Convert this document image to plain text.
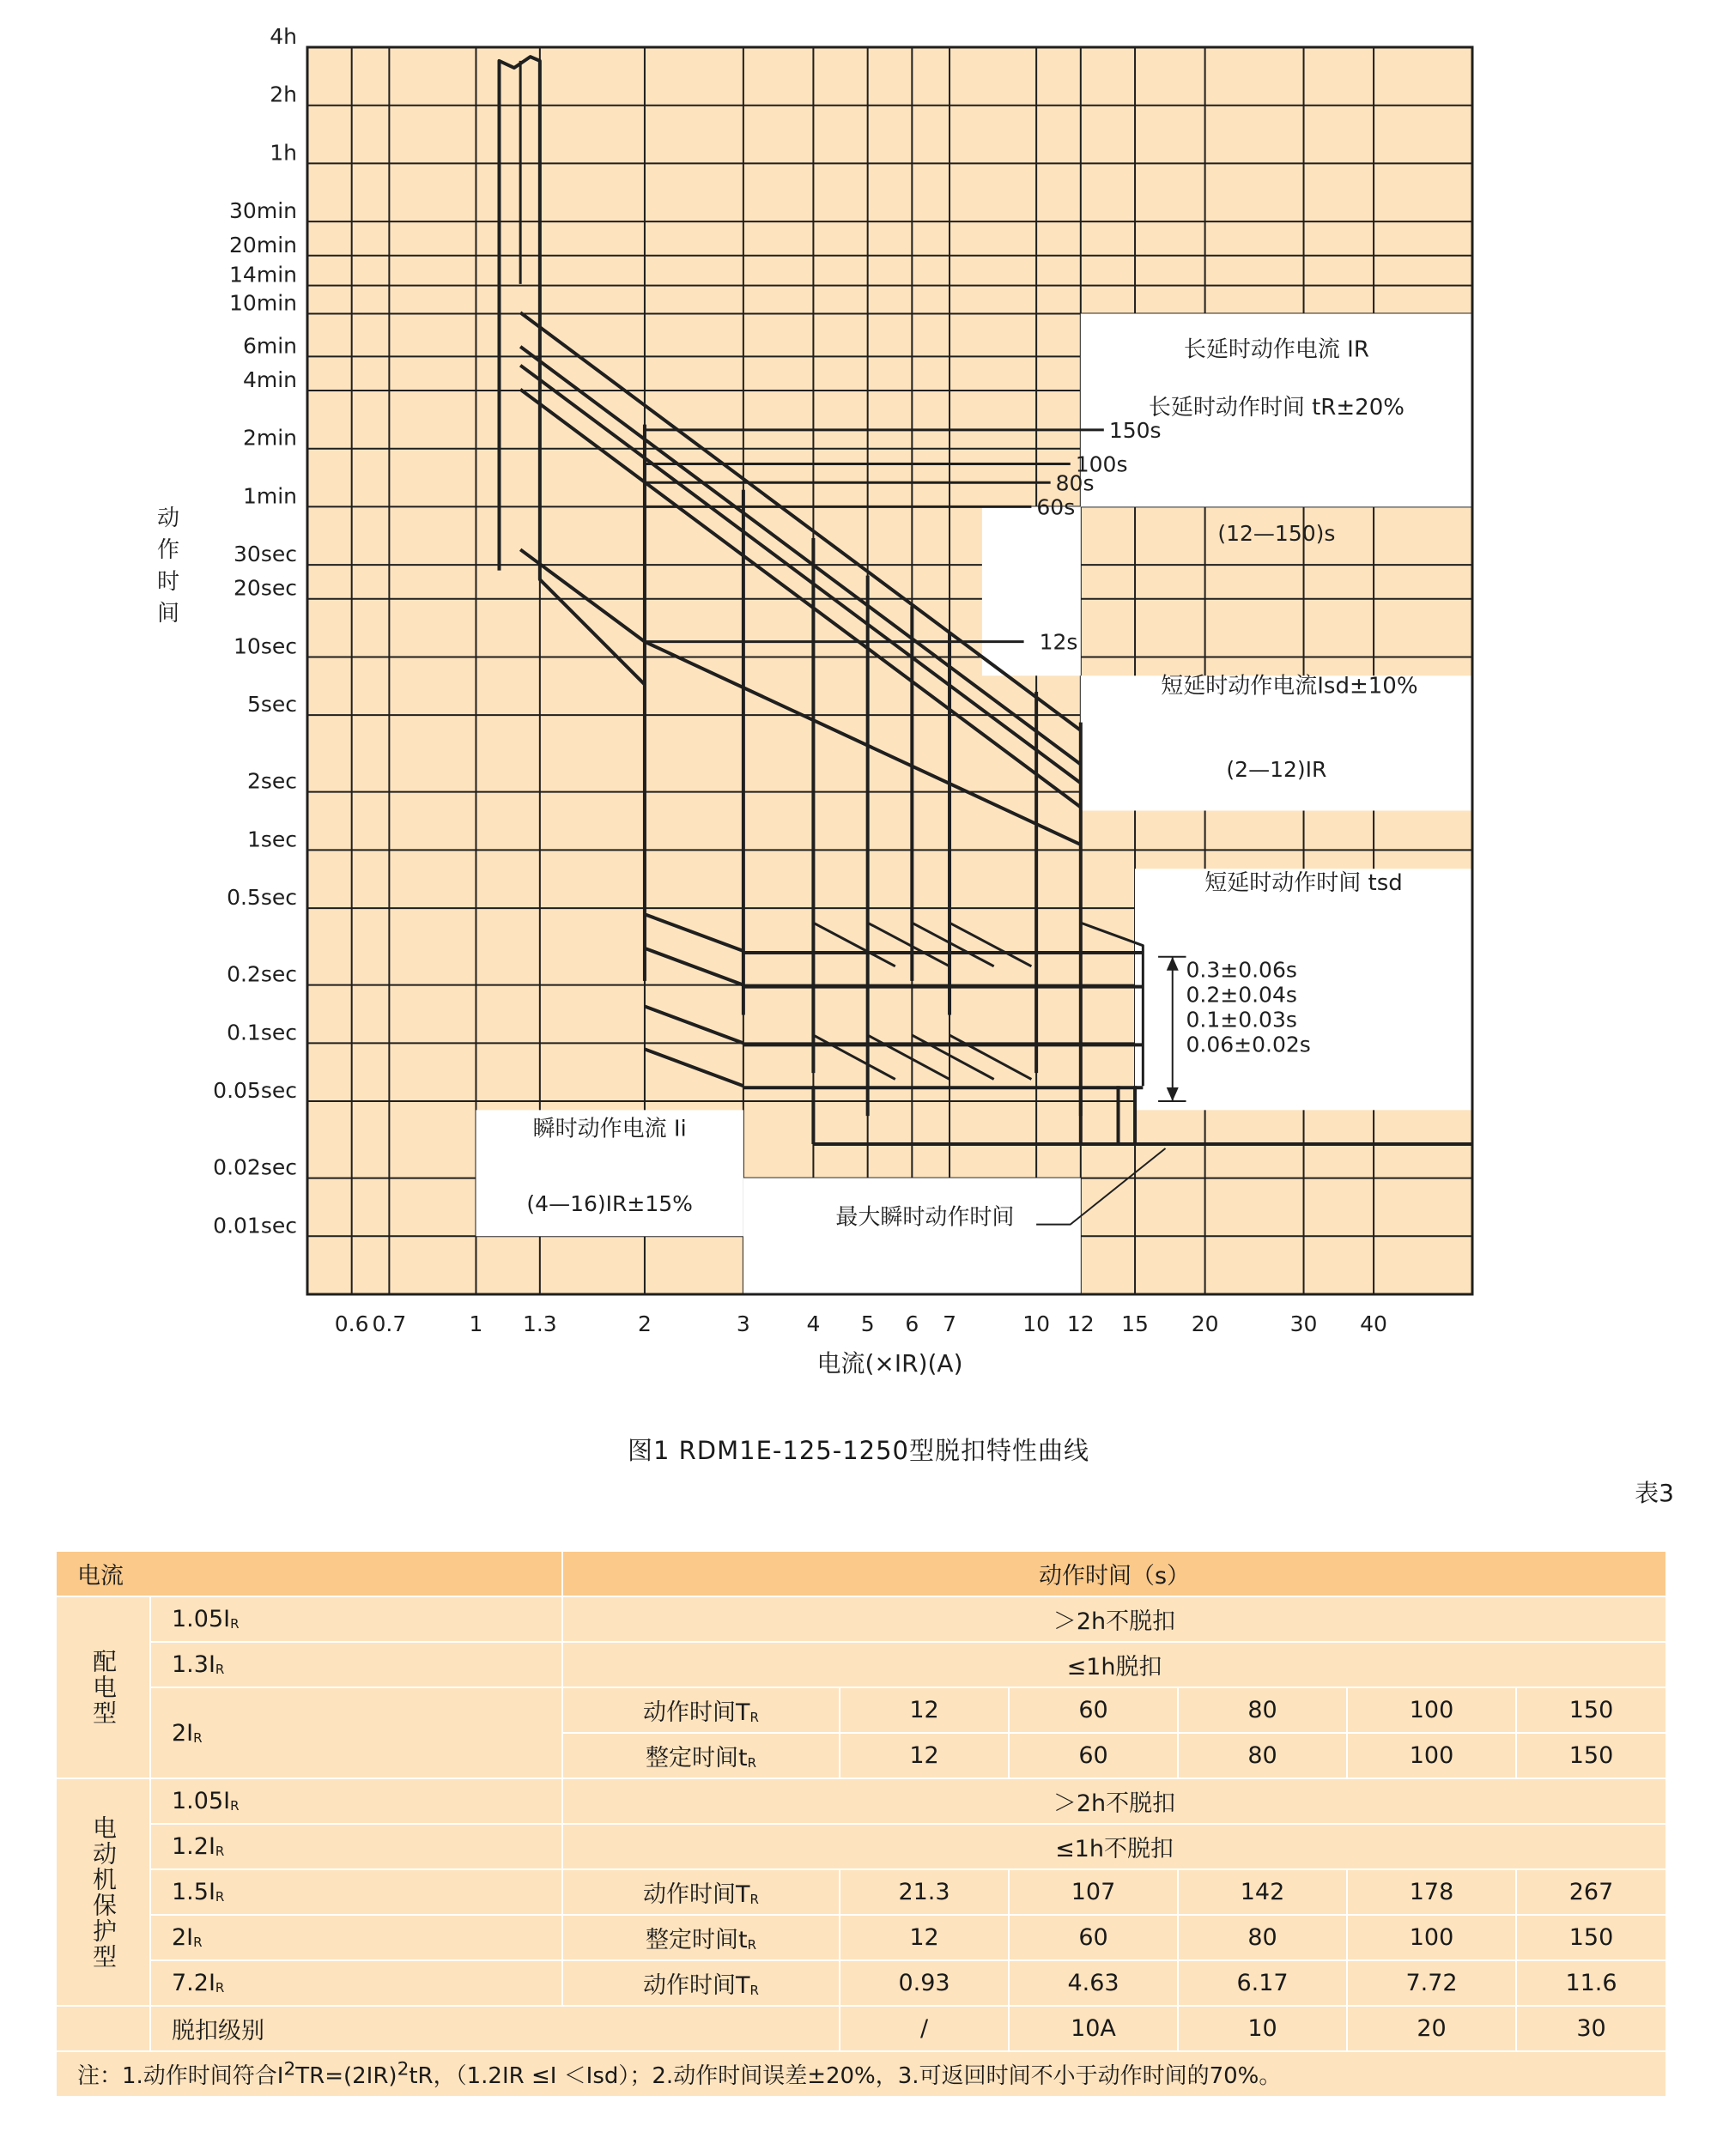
0.6 0.7	1 1.3	2	3	4 5 6 7	10 12 15 20	30 40
4h
2h
1h
30min
20min
14min
10min
6min
4min
2min
1min
30sec
20sec
10sec
5sec
2sec
1sec
0.5sec
0.2sec
0.1sec
0.05sec
0.02sec
0.01sec
150s
100s
80s
60s
12s
长延时动作电流 IR
长延时动作时间 tR±20%
(12—150)s
短延时动作电流Isd±10%
(2—12)IR
短延时动作时间 tsd
0.3±0.06s
0.2±0.04s
0.1±0.03s
0.06±0.02s
瞬时动作电流 Ii
(4—16)IR±15%
最大瞬时动作时间
动
作
时
间
电流(×IR)(A)
图1 RDM1E-125-1250型脱扣特性曲线
表3
电流		动作时间（s）					
配电型	$1.05I_R$	＞2h不脱扣					
	$1.3I_R$	≤1h脱扣					
	$2I_R$	动作时间$T_R$	12	60	80	100	150
		整定时间$t_R$	12	60	80	100	150
电动机保护型	$1.05I_R$	＞2h不脱扣					
	$1.2I_R$	≤1h不脱扣					
	$1.5I_R$	动作时间$T_R$	21.3	107	142	178	267
	$2I_R$	整定时间$t_R$	12	60	80	100	150
	$7.2I_R$	动作时间$T_R$	0.93	4.63	6.17	7.72	11.6
	脱扣级别		/	10A	10	20	30
注：1.动作时间符合$I^2TR=(2IR)^2tR$，（1.2IR ≤I ＜Isd）；2.动作时间误差±20%，3.可返回时间不小于动作时间的70%。							
